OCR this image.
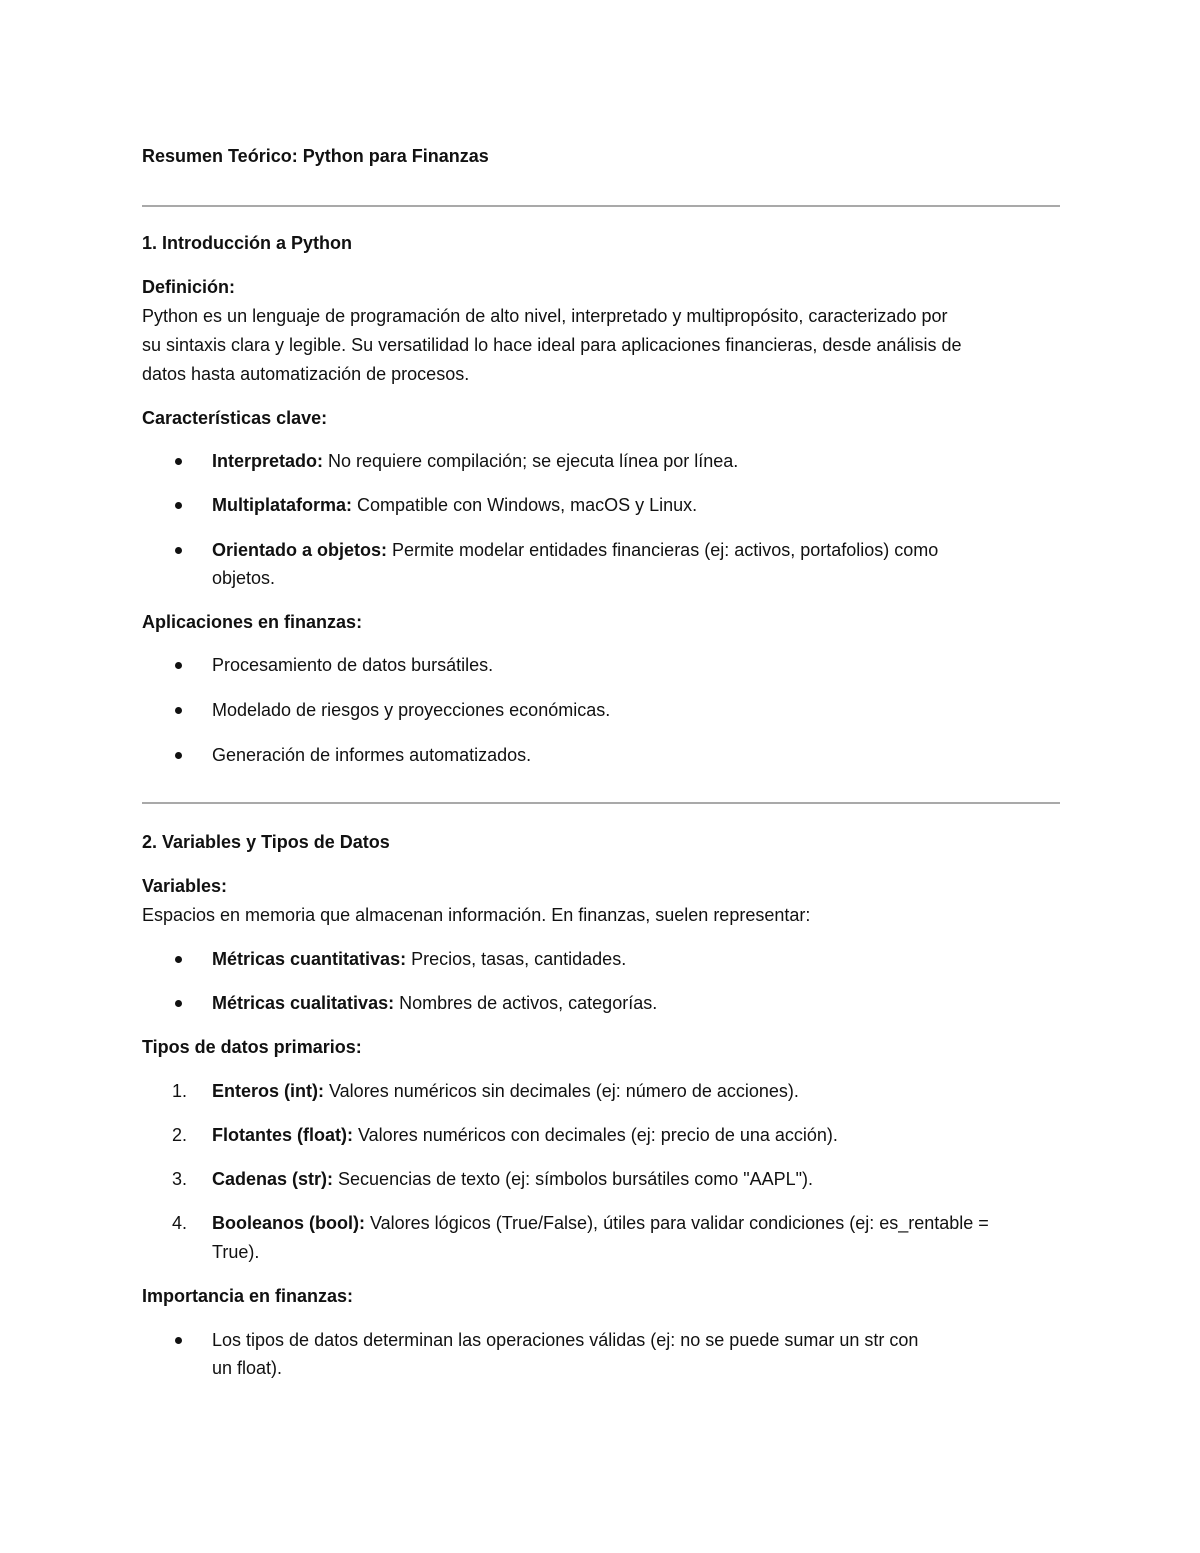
Resumen Teórico: Python para Finanzas
1. Introducción a Python
Definición:
Python es un lenguaje de programación de alto nivel, interpretado y multipropósito, caracterizado por
su sintaxis clara y legible. Su versatilidad lo hace ideal para aplicaciones financieras, desde análisis de
datos hasta automatización de procesos.
Características clave:
Interpretado: No requiere compilación; se ejecuta línea por línea.
Multiplataforma: Compatible con Windows, macOS y Linux.
Orientado a objetos: Permite modelar entidades financieras (ej: activos, portafolios) como
objetos.
Aplicaciones en finanzas:
Procesamiento de datos bursátiles.
Modelado de riesgos y proyecciones económicas.
Generación de informes automatizados.
2. Variables y Tipos de Datos
Variables:
Espacios en memoria que almacenan información. En finanzas, suelen representar:
Métricas cuantitativas: Precios, tasas, cantidades.
Métricas cualitativas: Nombres de activos, categorías.
Tipos de datos primarios:
1. Enteros (int): Valores numéricos sin decimales (ej: número de acciones).
2. Flotantes (float): Valores numéricos con decimales (ej: precio de una acción).
3. Cadenas (str): Secuencias de texto (ej: símbolos bursátiles como "AAPL").
4. Booleanos (bool): Valores lógicos (True/False), útiles para validar condiciones (ej: es_rentable =
True).
Importancia en finanzas:
Los tipos de datos determinan las operaciones válidas (ej: no se puede sumar un str con
un float).
